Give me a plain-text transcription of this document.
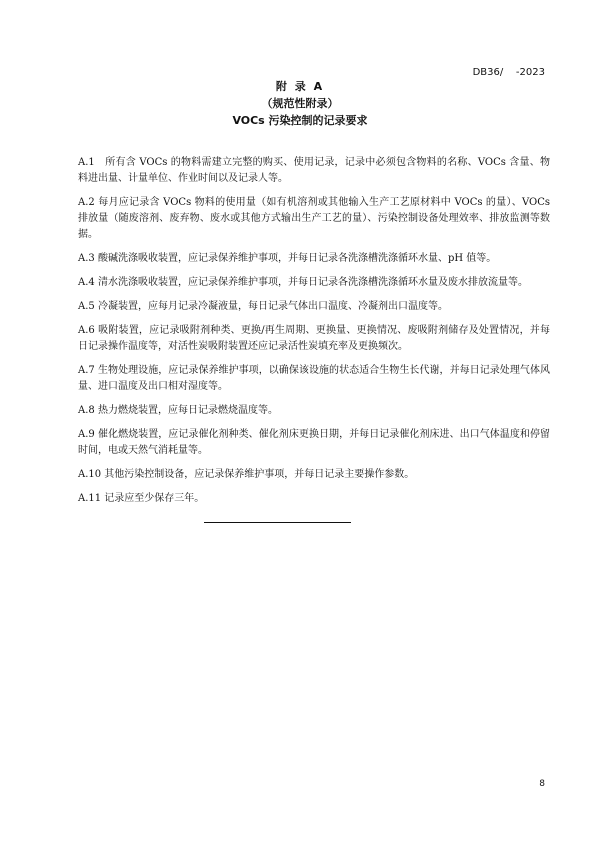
DB36/    -2023
附 录 A
（规范性附录）
VOCs 污染控制的记录要求

A.1　所有含 VOCs 的物料需建立完整的购买、使用记录，记录中必须包含物料的名称、VOCs 含量、物料进出量、计量单位、作业时间以及记录人等。

A.2 每月应记录含 VOCs 物料的使用量（如有机溶剂或其他输入生产工艺原材料中 VOCs 的量）、VOCs 排放量（随废溶剂、废弃物、废水或其他方式输出生产工艺的量）、污染控制设备处理效率、排放监测等数据。

A.3 酸碱洗涤吸收装置，应记录保养维护事项，并每日记录各洗涤槽洗涤循环水量、pH 值等。

A.4 清水洗涤吸收装置，应记录保养维护事项，并每日记录各洗涤槽洗涤循环水量及废水排放流量等。

A.5 冷凝装置，应每月记录冷凝液量，每日记录气体出口温度、冷凝剂出口温度等。

A.6 吸附装置，应记录吸附剂种类、更换/再生周期、更换量、更换情况、废吸附剂储存及处置情况，并每日记录操作温度等，对活性炭吸附装置还应记录活性炭填充率及更换频次。

A.7 生物处理设施，应记录保养维护事项，以确保该设施的状态适合生物生长代谢，并每日记录处理气体风量、进口温度及出口相对湿度等。

A.8 热力燃烧装置，应每日记录燃烧温度等。

A.9 催化燃烧装置，应记录催化剂种类、催化剂床更换日期，并每日记录催化剂床进、出口气体温度和停留时间，电或天然气消耗量等。

A.10 其他污染控制设备，应记录保养维护事项，并每日记录主要操作参数。

A.11 记录应至少保存三年。

8
